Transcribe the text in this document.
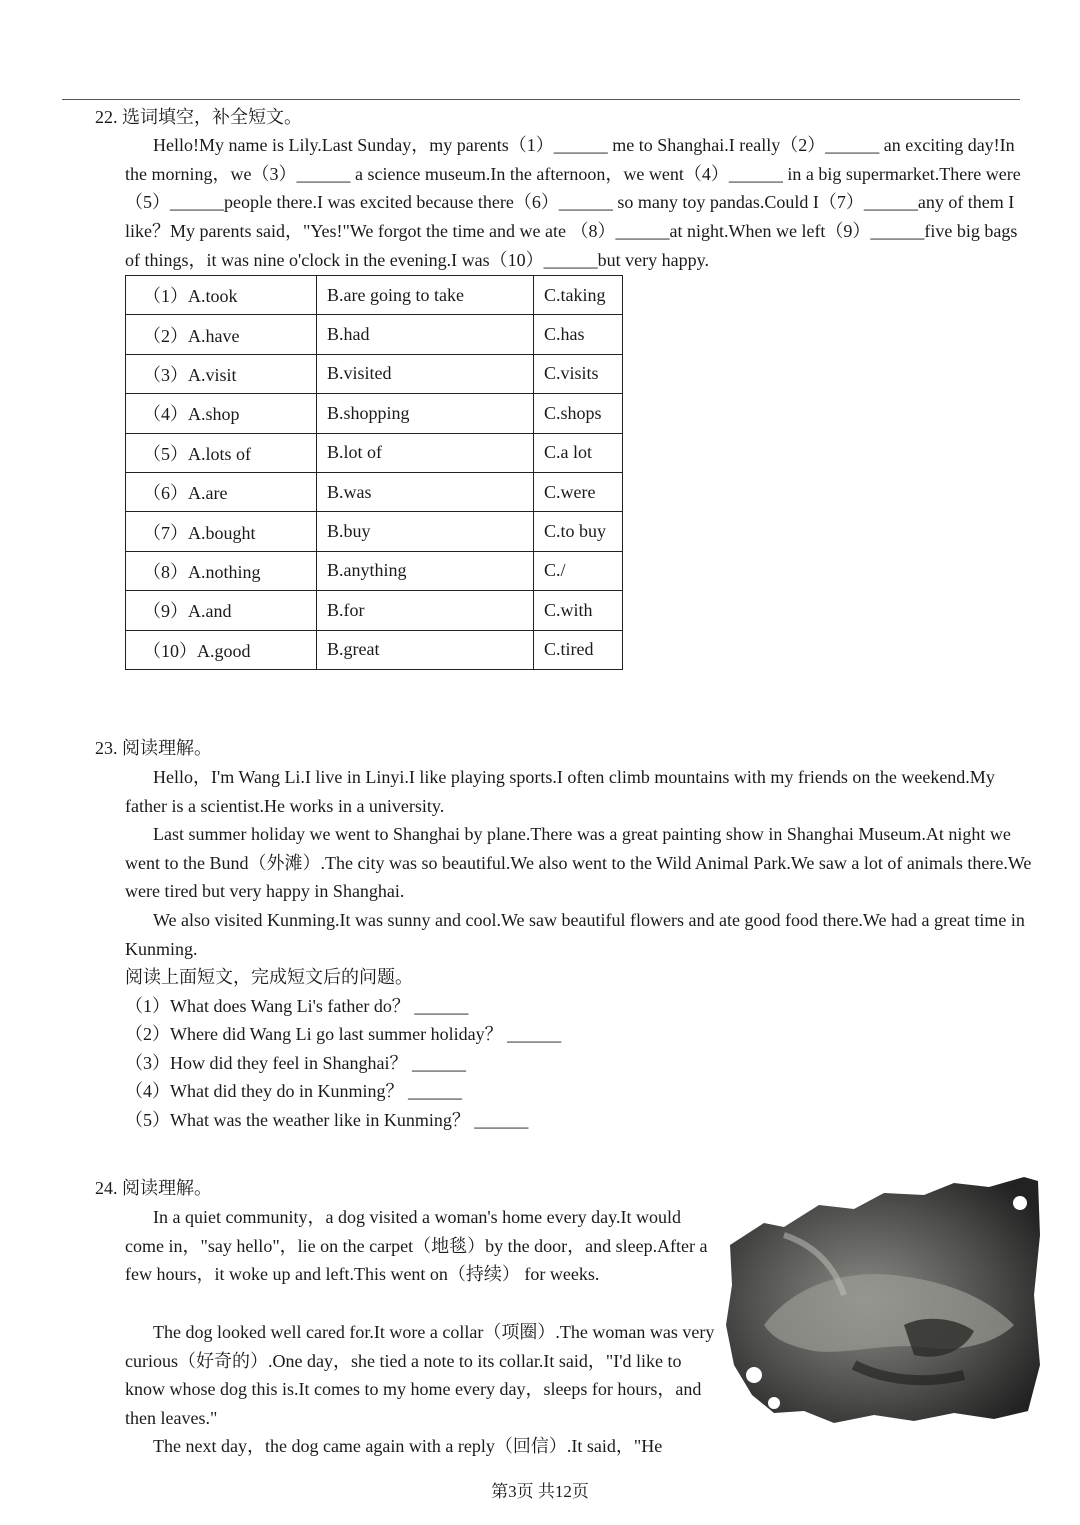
22. 选词填空，补全短文。

Hello!My name is Lily.Last Sunday，my parents（1）______ me to Shanghai.I really（2）______ an exciting day!In the morning，we（3）______ a science museum.In the afternoon，we went（4）______ in a big supermarket.There were（5）______people there.I was excited because there（6）______ so many toy pandas.Could I（7）______any of them I like？My parents said，"Yes!"We forgot the time and we ate （8）______at night.When we left（9）______five big bags of things，it was nine o'clock in the evening.I was（10）______but very happy.

（1）A.took	B.are going to take	C.taking
（2）A.have	B.had	C.has
（3）A.visit	B.visited	C.visits
（4）A.shop	B.shopping	C.shops
（5）A.lots of	B.lot of	C.a lot
（6）A.are	B.was	C.were
（7）A.bought	B.buy	C.to buy
（8）A.nothing	B.anything	C./
（9）A.and	B.for	C.with
（10）A.good	B.great	C.tired
23. 阅读理解。

Hello，I'm Wang Li.I live in Linyi.I like playing sports.I often climb mountains with my friends on the weekend.My father is a scientist.He works in a university.

Last summer holiday we went to Shanghai by plane.There was a great painting show in Shanghai Museum.At night we went to the Bund（外滩）.The city was so beautiful.We also went to the Wild Animal Park.We saw a lot of animals there.We were tired but very happy in Shanghai.

We also visited Kunming.It was sunny and cool.We saw beautiful flowers and ate good food there.We had a great time in Kunming.

阅读上面短文，完成短文后的问题。
（1）What does Wang Li's father do？ ______
（2）Where did Wang Li go last summer holiday？ ______
（3）How did they feel in Shanghai？ ______
（4）What did they do in Kunming？ ______
（5）What was the weather like in Kunming？ ______
24. 阅读理解。

In a quiet community，a dog visited a woman's home every day.It would come in，"say hello"，lie on the carpet（地毯）by the door，and sleep.After a few hours，it woke up and left.This went on（持续） for weeks.

The dog looked well cared for.It wore a collar（项圈）.The woman was very curious（好奇的）.One day，she tied a note to its collar.It said，"I'd like to know whose dog this is.It comes to my home every day，sleeps for hours，and then leaves."

The next day，the dog came again with a reply（回信）.It said，"He

第3页 共12页
